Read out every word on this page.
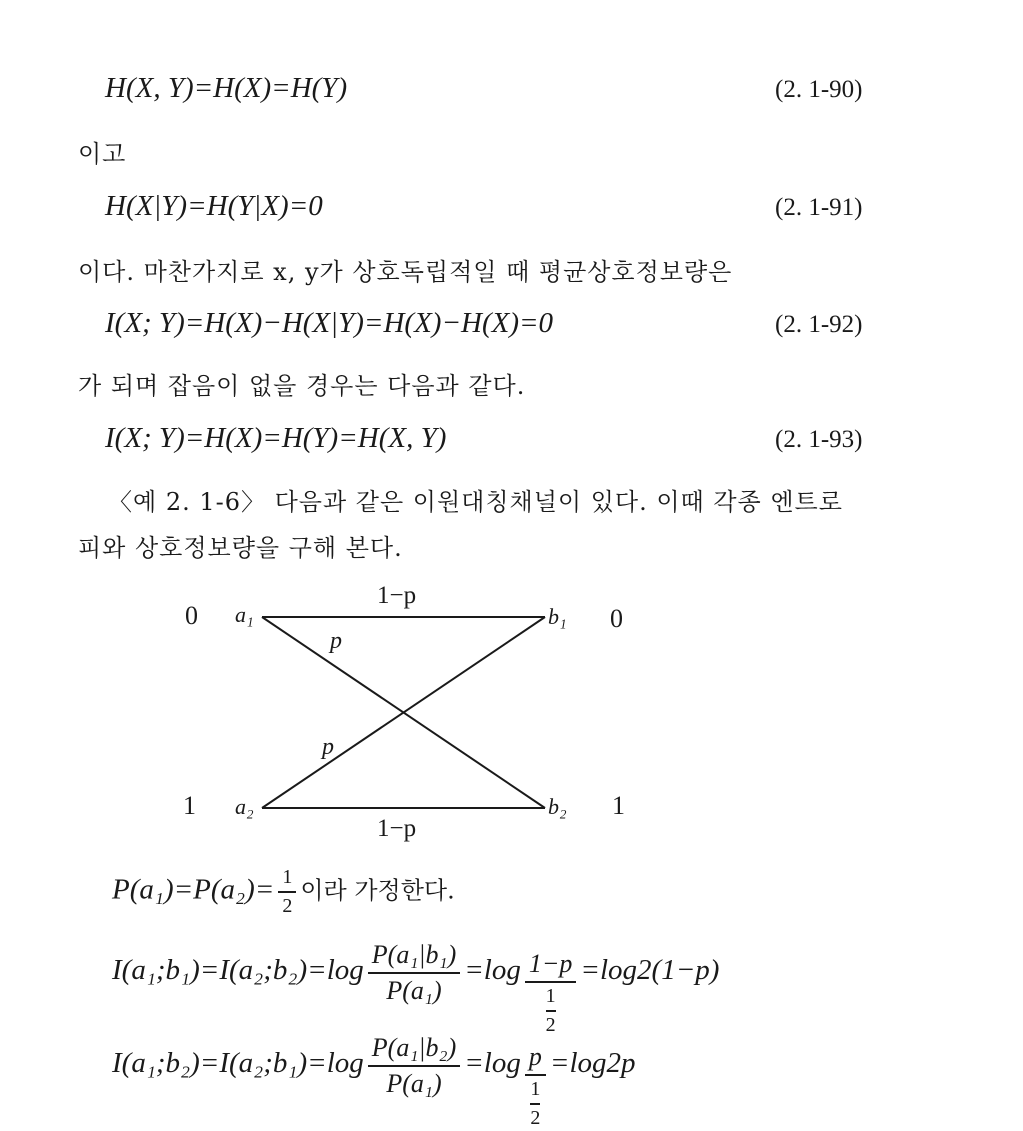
H(X, Y)=H(X)=H(Y)	(2. 1-90)
이고
H(X|Y)=H(Y|X)=0	(2. 1-91)
이다. 마찬가지로 x, y가 상호독립적일 때 평균상호정보량은
I(X; Y)=H(X)−H(X|Y)=H(X)−H(X)=0	(2. 1-92)
가 되며 잡음이 없을 경우는 다음과 같다.
I(X; Y)=H(X)=H(Y)=H(X, Y)	(2. 1-93)
〈예 2. 1-6〉 다음과 같은 이원대칭채널이 있다. 이때 각종 엔트로
피와 상호정보량을 구해 본다.
0
1
0
1
a₁
a₂
b₁
b₂
1−p
1−p
p
p
$P(a_1)=P(a_2)= \frac{1}{2}$ 이라 가정한다.
I(a₁;b₁)=I(a₂;b₂)=log $\frac{\text{P(a₁|b₁)}}{\text{P(a₁)}} =\log \frac{1-p}{\frac{1}{2}} =\log 2(1-p)$
I(a₁;b₂)=I(a₂;b₁)=log $\frac{\text{P(a₁|b₂)}}{\text{P(a₁)}} =\log \frac{p}{\frac{1}{2}} =\log 2p$
